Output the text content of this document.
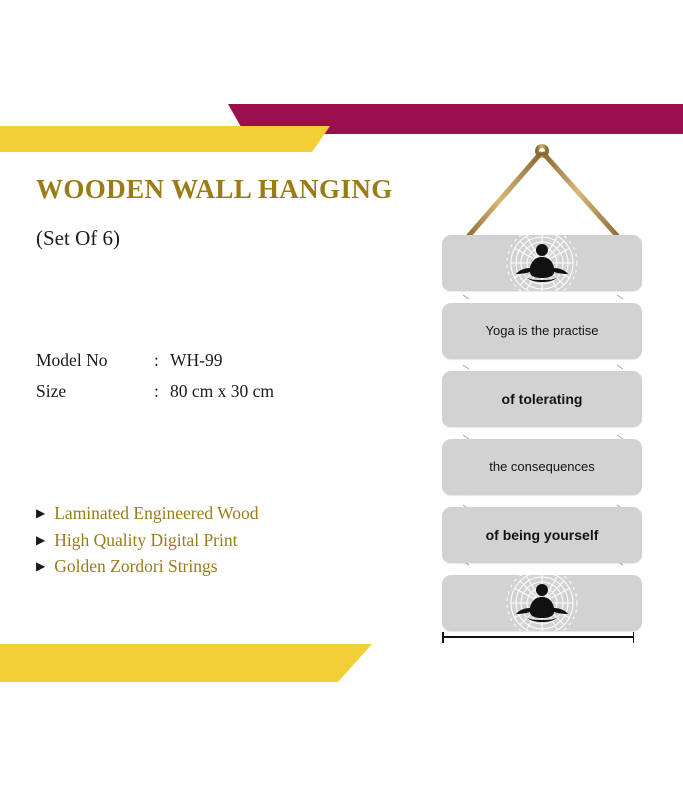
WOODEN WALL HANGING
(Set Of 6)
Model No	:	WH-99
Size	:	80 cm x 30 cm
▶ Laminated Engineered Wood
▶ High Quality Digital Print
▶ Golden Zordori Strings
Yoga is the practise
of tolerating
the consequences
of being yourself
